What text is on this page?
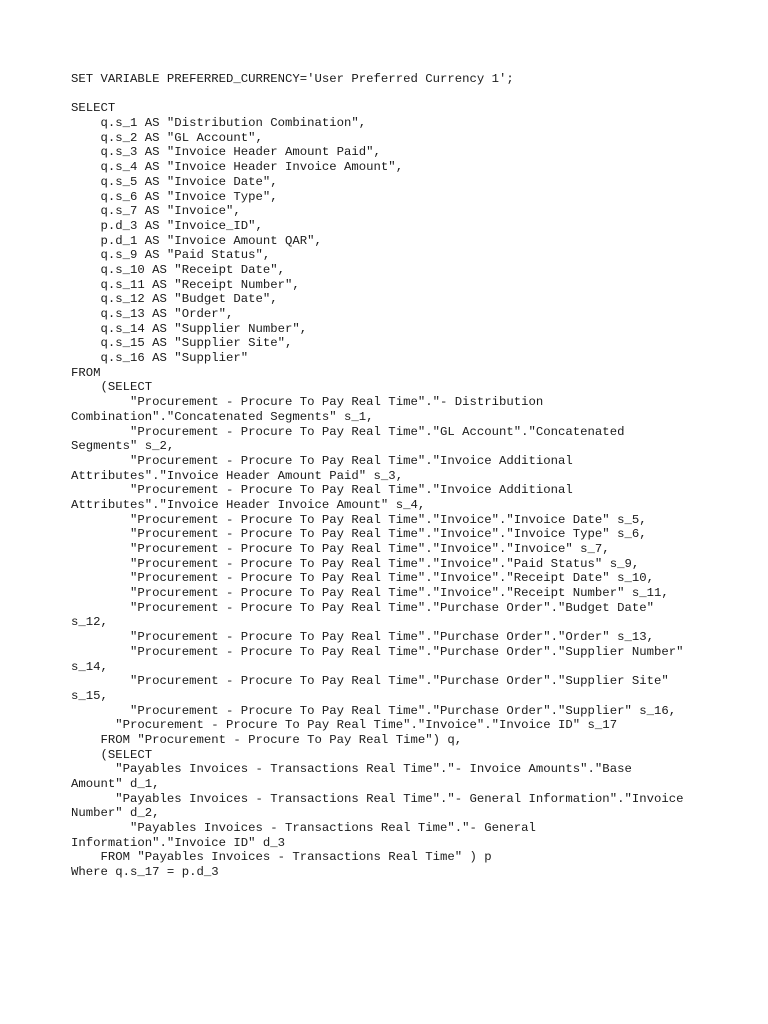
SET VARIABLE PREFERRED_CURRENCY='User Preferred Currency 1';
SELECT
q.s_1 AS "Distribution Combination",
q.s_2 AS "GL Account",
q.s_3 AS "Invoice Header Amount Paid",
q.s_4 AS "Invoice Header Invoice Amount",
q.s_5 AS "Invoice Date",
q.s_6 AS "Invoice Type",
q.s_7 AS "Invoice",
p.d_3 AS "Invoice_ID",
p.d_1 AS "Invoice Amount QAR",
q.s_9 AS "Paid Status",
q.s_10 AS "Receipt Date",
q.s_11 AS "Receipt Number",
q.s_12 AS "Budget Date",
q.s_13 AS "Order",
q.s_14 AS "Supplier Number",
q.s_15 AS "Supplier Site",
q.s_16 AS "Supplier"
FROM
(SELECT
"Procurement - Procure To Pay Real Time"."- Distribution
Combination"."Concatenated Segments" s_1,
"Procurement - Procure To Pay Real Time"."GL Account"."Concatenated
Segments" s_2,
"Procurement - Procure To Pay Real Time"."Invoice Additional
Attributes"."Invoice Header Amount Paid" s_3,
"Procurement - Procure To Pay Real Time"."Invoice Additional
Attributes"."Invoice Header Invoice Amount" s_4,
"Procurement - Procure To Pay Real Time"."Invoice"."Invoice Date" s_5,
"Procurement - Procure To Pay Real Time"."Invoice"."Invoice Type" s_6,
"Procurement - Procure To Pay Real Time"."Invoice"."Invoice" s_7,
"Procurement - Procure To Pay Real Time"."Invoice"."Paid Status" s_9,
"Procurement - Procure To Pay Real Time"."Invoice"."Receipt Date" s_10,
"Procurement - Procure To Pay Real Time"."Invoice"."Receipt Number" s_11,
"Procurement - Procure To Pay Real Time"."Purchase Order"."Budget Date"
s_12,
"Procurement - Procure To Pay Real Time"."Purchase Order"."Order" s_13,
"Procurement - Procure To Pay Real Time"."Purchase Order"."Supplier Number"
s_14,
"Procurement - Procure To Pay Real Time"."Purchase Order"."Supplier Site"
s_15,
"Procurement - Procure To Pay Real Time"."Purchase Order"."Supplier" s_16,
"Procurement - Procure To Pay Real Time"."Invoice"."Invoice ID" s_17
FROM "Procurement - Procure To Pay Real Time") q,
(SELECT
"Payables Invoices - Transactions Real Time"."- Invoice Amounts"."Base
Amount" d_1,
"Payables Invoices - Transactions Real Time"."- General Information"."Invoice
Number" d_2,
"Payables Invoices - Transactions Real Time"."- General
Information"."Invoice ID" d_3
FROM "Payables Invoices - Transactions Real Time" ) p
Where q.s_17 = p.d_3
